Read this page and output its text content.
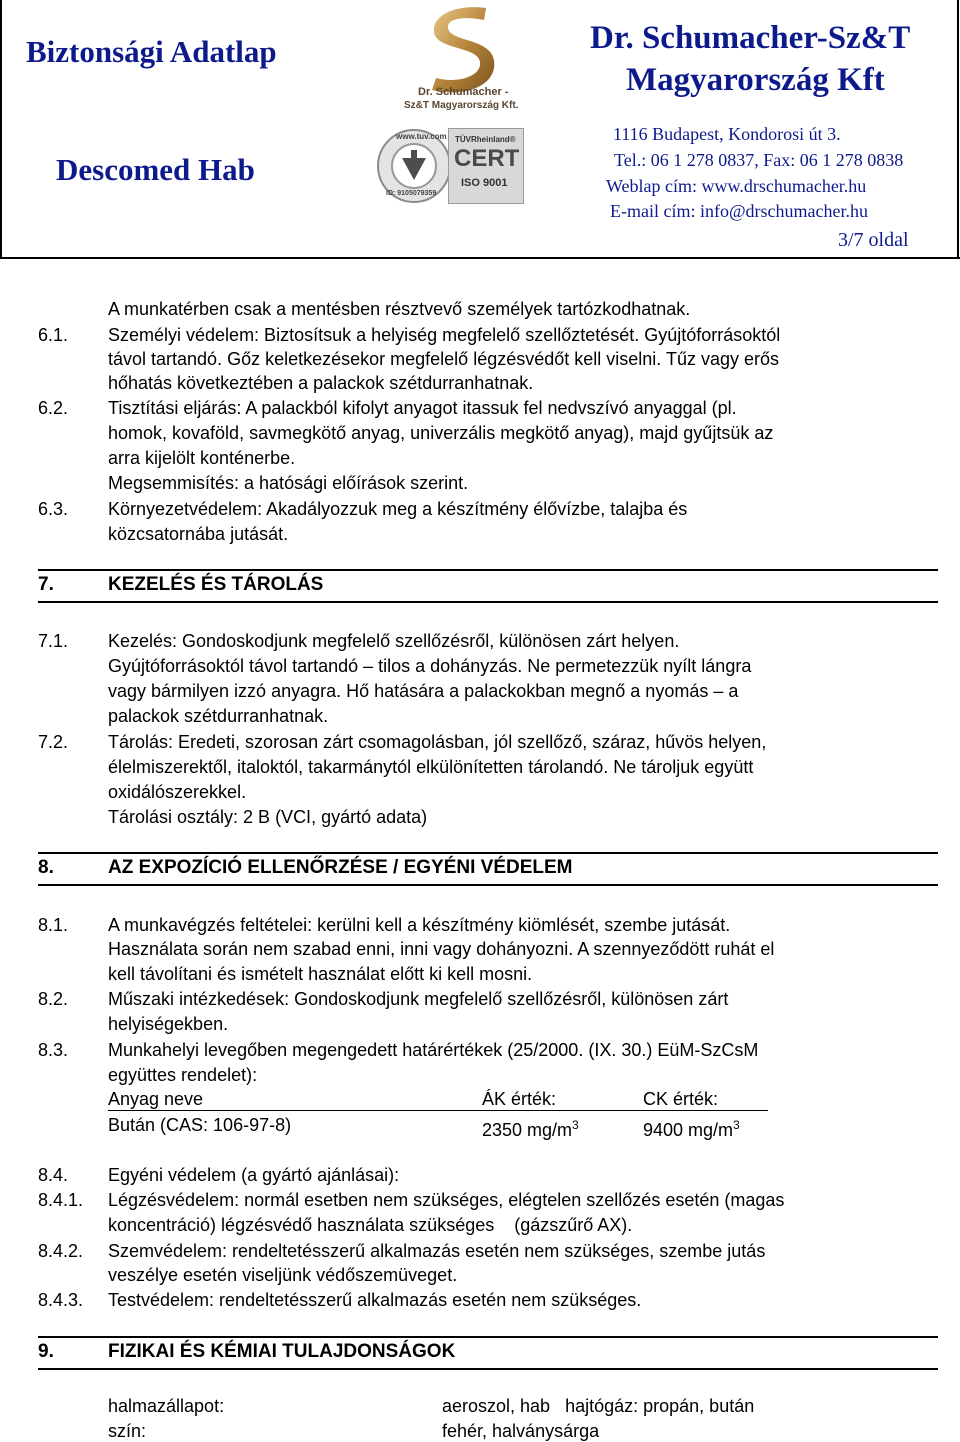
Biztonsági Adatlap
Descomed Hab
Dr. Schumacher-Sz&T
Magyarország Kft
1116 Budapest, Kondorosi út 3.
Tel.: 06 1 278 0837, Fax: 06 1 278 0838
Weblap cím: www.drschumacher.hu
E-mail cím: info@drschumacher.hu
3/7 oldal
Dr. Schumacher -
Sz&T Magyarország Kft.
www.tuv.com
ID: 9105079359
TÜVRheinland®
CERT
ISO 9001
A munkatérben csak a mentésben résztvevő személyek tartózkodhatnak.
6.1. Személyi védelem: Biztosítsuk a helyiség megfelelő szellőztetését. Gyújtóforrásoktól
távol tartandó. Gőz keletkezésekor megfelelő légzésvédőt kell viselni. Tűz vagy erős
hőhatás következtében a palackok szétdurranhatnak.
6.2. Tisztítási eljárás: A palackból kifolyt anyagot itassuk fel nedvszívó anyaggal (pl.
homok, kovaföld, savmegkötő anyag, univerzális megkötő anyag), majd gyűjtsük az
arra kijelölt konténerbe.
Megsemmisítés: a hatósági előírások szerint.
6.3. Környezetvédelem: Akadályozzuk meg a készítmény élővízbe, talajba és
közcsatornába jutását.
7.	KEZELÉS ÉS TÁROLÁS
7.1. Kezelés: Gondoskodjunk megfelelő szellőzésről, különösen zárt helyen.
Gyújtóforrásoktól távol tartandó – tilos a dohányzás. Ne permetezzük nyílt lángra
vagy bármilyen izzó anyagra. Hő hatására a palackokban megnő a nyomás – a
palackok szétdurranhatnak.
7.2. Tárolás: Eredeti, szorosan zárt csomagolásban, jól szellőző, száraz, hűvös helyen,
élelmiszerektől, italoktól, takarmánytól elkülönítetten tárolandó. Ne tároljuk együtt
oxidálószerekkel.
Tárolási osztály: 2 B (VCI, gyártó adata)
8.	AZ EXPOZÍCIÓ ELLENŐRZÉSE / EGYÉNI VÉDELEM
8.1. A munkavégzés feltételei: kerülni kell a készítmény kiömlését, szembe jutását.
Használata során nem szabad enni, inni vagy dohányozni. A szennyeződött ruhát el
kell távolítani és ismételt használat előtt ki kell mosni.
8.2. Műszaki intézkedések: Gondoskodjunk megfelelő szellőzésről, különösen zárt
helyiségekben.
8.3. Munkahelyi levegőben megengedett határértékek (25/2000. (IX. 30.) EüM-SzCsM
együttes rendelet):
Anyag neve	ÁK érték:	CK érték:
Bután (CAS: 106-97-8)	2350 $mg/m^3$	9400 $mg/m^3$
8.4. Egyéni védelem (a gyártó ajánlásai):
8.4.1. Légzésvédelem: normál esetben nem szükséges, elégtelen szellőzés esetén (magas
koncentráció) légzésvédő használata szükséges    (gázszűrő AX).
8.4.2. Szemvédelem: rendeltetésszerű alkalmazás esetén nem szükséges, szembe jutás
veszélye esetén viseljünk védőszemüveget.
8.4.3. Testvédelem: rendeltetésszerű alkalmazás esetén nem szükséges.
9.	FIZIKAI ÉS KÉMIAI TULAJDONSÁGOK
halmazállapot:	aeroszol, hab   hajtógáz: propán, bután
szín:	fehér, halványsárga
